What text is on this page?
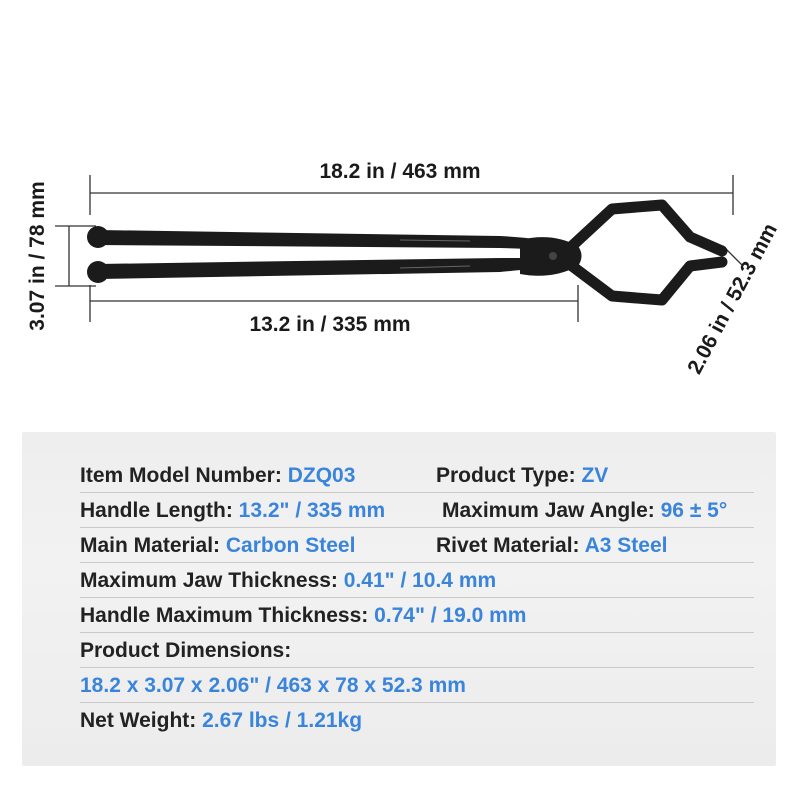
18.2 in / 463 mm
13.2 in / 335 mm
3.07 in / 78 mm	2.06 in / 52.3 mm
Item Model Number: DZQ03	Product Type: ZV
Handle Length: 13.2" / 335 mm	Maximum Jaw Angle: 96 ± 5°
Main Material: Carbon Steel	Rivet Material: A3 Steel
Maximum Jaw Thickness: 0.41" / 10.4 mm
Handle Maximum Thickness: 0.74" / 19.0 mm
Product Dimensions:
18.2 x 3.07 x 2.06" / 463 x 78 x 52.3 mm
Net Weight: 2.67 lbs / 1.21kg
